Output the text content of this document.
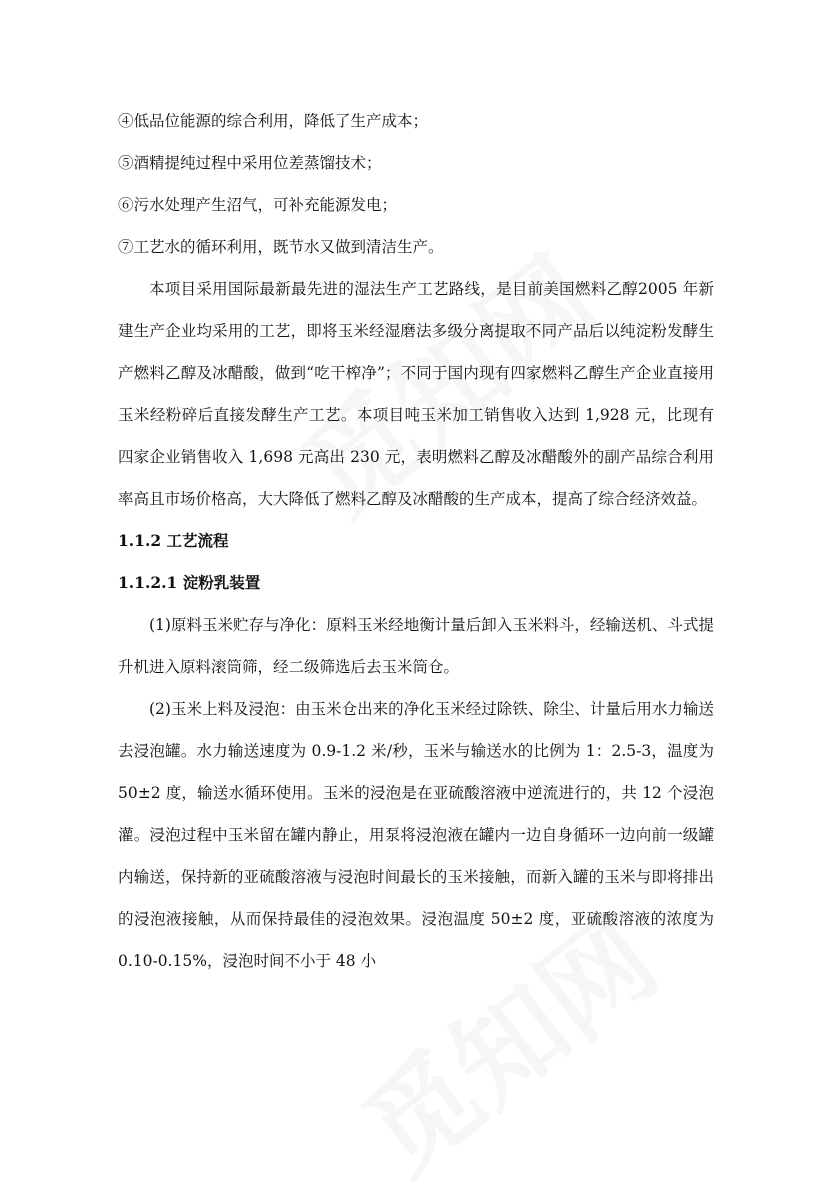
④低品位能源的综合利用，降低了生产成本；

⑤酒精提纯过程中采用位差蒸馏技术；

⑥污水处理产生沼气，可补充能源发电；

⑦工艺水的循环利用，既节水又做到清洁生产。

本项目采用国际最新最先进的湿法生产工艺路线，是目前美国燃料乙醇2005 年新建生产企业均采用的工艺，即将玉米经湿磨法多级分离提取不同产品后以纯淀粉发酵生产燃料乙醇及冰醋酸，做到“吃干榨净”；不同于国内现有四家燃料乙醇生产企业直接用玉米经粉碎后直接发酵生产工艺。本项目吨玉米加工销售收入达到 1,928 元，比现有四家企业销售收入 1,698 元高出 230 元，表明燃料乙醇及冰醋酸外的副产品综合利用率高且市场价格高，大大降低了燃料乙醇及冰醋酸的生产成本，提高了综合经济效益。

1.1.2 工艺流程

1.1.2.1 淀粉乳装置

(1)原料玉米贮存与净化：原料玉米经地衡计量后卸入玉米料斗，经输送机、斗式提升机进入原料滚筒筛，经二级筛选后去玉米筒仓。

(2)玉米上料及浸泡：由玉米仓出来的净化玉米经过除铁、除尘、计量后用水力输送去浸泡罐。水力输送速度为 0.9-1.2 米/秒，玉米与输送水的比例为 1：2.5-3，温度为 50±2 度，输送水循环使用。玉米的浸泡是在亚硫酸溶液中逆流进行的，共 12 个浸泡灌。浸泡过程中玉米留在罐内静止，用泵将浸泡液在罐内一边自身循环一边向前一级罐内输送，保持新的亚硫酸溶液与浸泡时间最长的玉米接触，而新入罐的玉米与即将排出的浸泡液接触，从而保持最佳的浸泡效果。浸泡温度 50±2 度，亚硫酸溶液的浓度为 0.10-0.15%，浸泡时间不小于 48 小
